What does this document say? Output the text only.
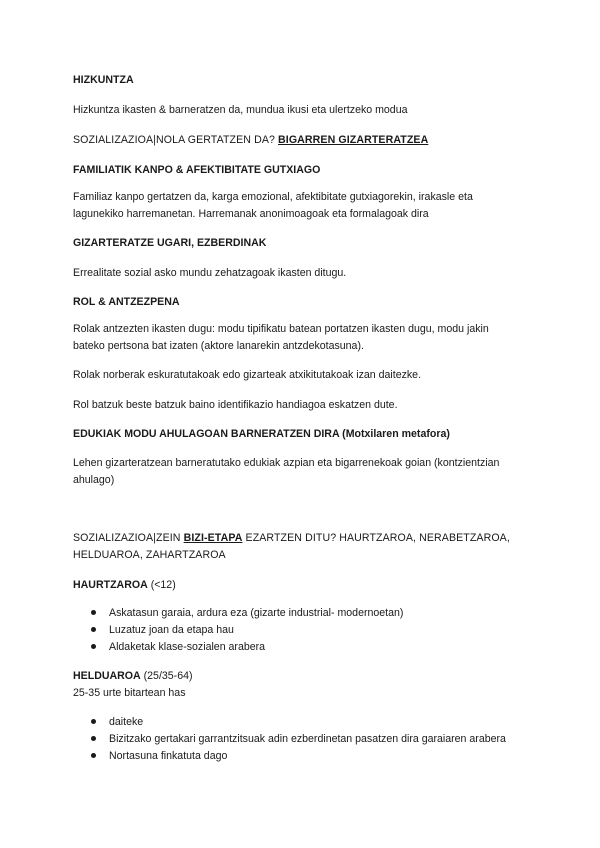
HIZKUNTZA

Hizkuntza ikasten & barneratzen da, mundua ikusi eta ulertzeko modua

SOZIALIZAZIOA|NOLA GERTATZEN DA? BIGARREN GIZARTERATZEA

FAMILIATIK KANPO & AFEKTIBITATE GUTXIAGO

Familiaz kanpo gertatzen da, karga emozional, afektibitate gutxiagorekin, irakasle eta

lagunekiko harremanetan. Harremanak anonimoagoak eta formalagoak dira

GIZARTERATZE UGARI, EZBERDINAK

Errealitate sozial asko mundu zehatzagoak ikasten ditugu.

ROL & ANTZEZPENA

Rolak antzezten ikasten dugu: modu tipifikatu batean portatzen ikasten dugu, modu jakin

bateko pertsona bat izaten (aktore lanarekin antzdekotasuna).

Rolak norberak eskuratutakoak edo gizarteak atxikitutakoak izan daitezke.

Rol batzuk beste batzuk baino identifikazio handiagoa eskatzen dute.

EDUKIAK MODU AHULAGOAN BARNERATZEN DIRA (Motxilaren metafora)

Lehen gizarteratzean barneratutako edukiak azpian eta bigarrenekoak goian (kontzientzian

ahulago)

SOZIALIZAZIOA|ZEIN BIZI-ETAPA EZARTZEN DITU? HAURTZAROA, NERABETZAROA,

HELDUAROA, ZAHARTZAROA

HAURTZAROA (<12)

Askatasun garaia, ardura eza (gizarte industrial- modernoetan)
Luzatuz joan da etapa hau
Aldaketak klase-sozialen arabera

HELDUAROA (25/35-64)

25-35 urte bitartean has

daiteke
Bizitzako gertakari garrantzitsuak adin ezberdinetan pasatzen dira garaiaren arabera
Nortasuna finkatuta dago
